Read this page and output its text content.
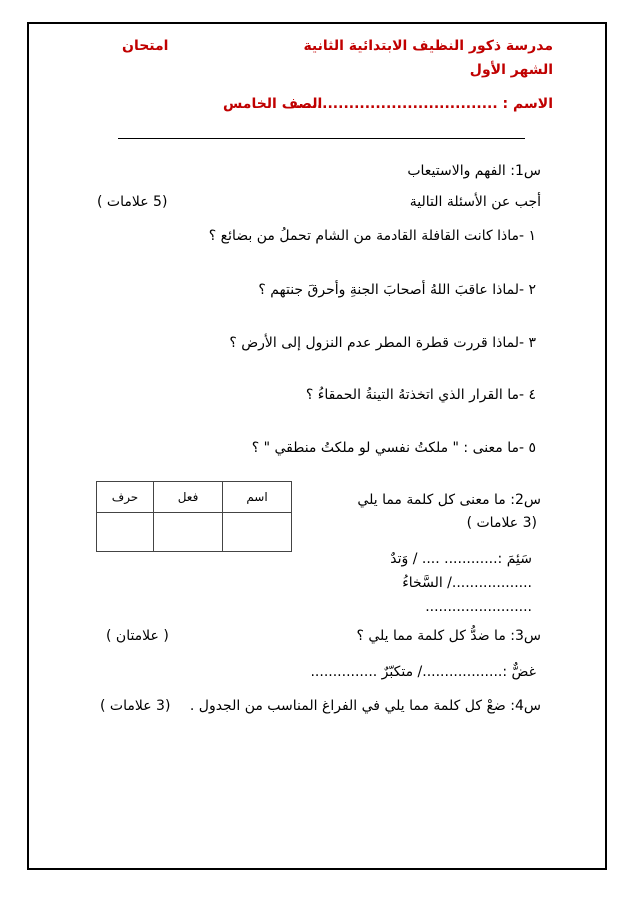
مدرسة ذكور النظيف الابتدائية الثانية
امتحان
الشهر الأول
الاسم : ......................................
الصف الخامس
س1: الفهم والاستيعاب
أجب عن الأسئلة التالية
(5 علامات )
١ -ماذا كانت القافلة القادمة من الشام تحملُ من بضائع ؟
٢ -لماذا عاقبَ اللهُ أصحابَ الجنةِ وأحرقَ جنتهم ؟
٣ -لماذا قررت قطرة المطر عدم النزول إلى الأرض ؟
٤ -ما القرار الذي اتخذتهُ التينةُ الحمقاءُ ؟
٥ -ما معنى : " ملكتُ نفسي لو ملكتُ منطقي " ؟
حرف	فعل	اسم
			س2: ما معنى كل كلمة مما يلي
(3 علامات )
سَئِمَ :............ .... / وَتدٌ
................../ السَّخاءُ
........................
س3: ما ضدُّ كل كلمة مما يلي ؟
( علامتان )
غضٌّ :................../ متكبّرٌ ...............
س4: ضعْ كل كلمة مما يلي في الفراغ المناسب من الجدول .
(3 علامات )
